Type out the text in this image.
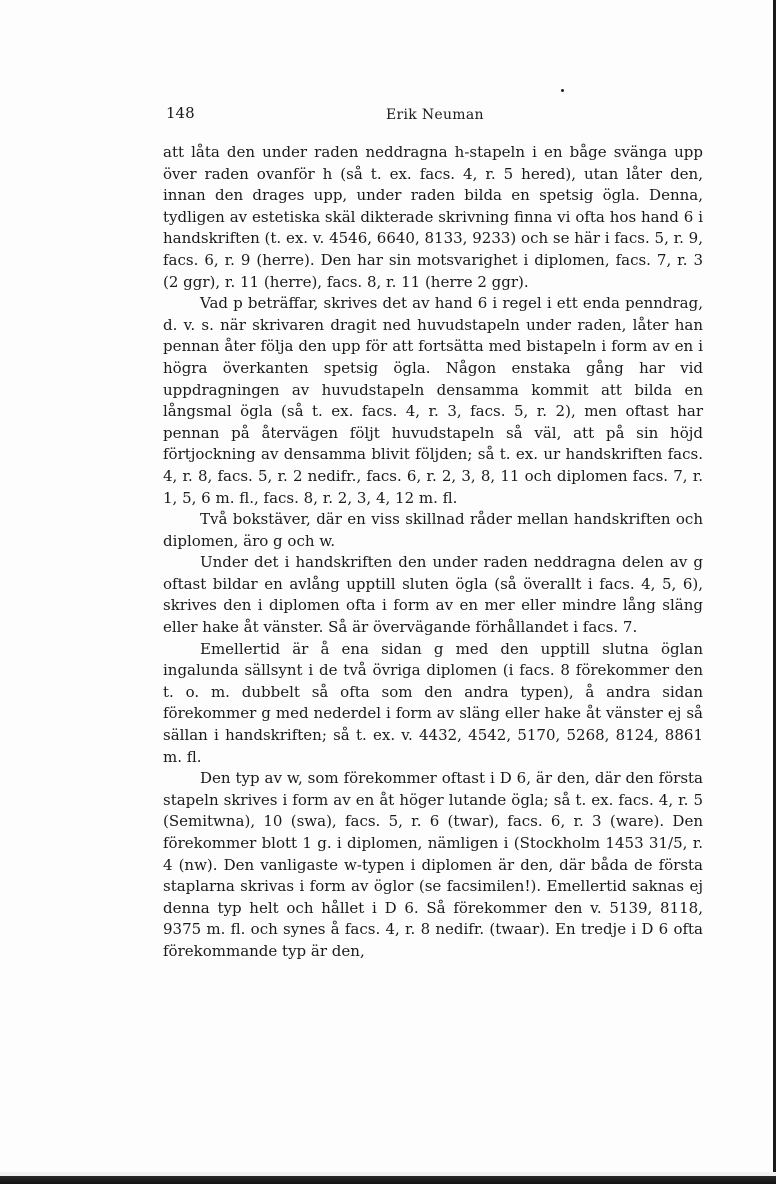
148	Erik Neuman

att låta den under raden neddragna h-stapeln i en båge svänga upp över raden ovanför h (så t. ex. facs. 4, r. 5 hered), utan låter den, innan den drages upp, under raden bilda en spetsig ögla. Denna, tydligen av estetiska skäl dikterade skrivning finna vi ofta hos hand 6 i handskriften (t. ex. v. 4546, 6640, 8133, 9233) och se här i facs. 5, r. 9, facs. 6, r. 9 (herre). Den har sin motsvarighet i diplomen, facs. 7, r. 3 (2 ggr), r. 11 (herre), facs. 8, r. 11 (herre 2 ggr).

Vad p beträffar, skrives det av hand 6 i regel i ett enda penndrag, d. v. s. när skrivaren dragit ned huvudstapeln under raden, låter han pennan åter följa den upp för att fortsätta med bistapeln i form av en i högra överkanten spetsig ögla. Någon enstaka gång har vid uppdragningen av huvudstapeln densamma kommit att bilda en långsmal ögla (så t. ex. facs. 4, r. 3, facs. 5, r. 2), men oftast har pennan på återvägen följt huvudstapeln så väl, att på sin höjd förtjockning av densamma blivit följden; så t. ex. ur handskriften facs. 4, r. 8, facs. 5, r. 2 nedifr., facs. 6, r. 2, 3, 8, 11 och diplomen facs. 7, r. 1, 5, 6 m. fl., facs. 8, r. 2, 3, 4, 12 m. fl.

Två bokstäver, där en viss skillnad råder mellan handskriften och diplomen, äro g och w.

Under det i handskriften den under raden neddragna delen av g oftast bildar en avlång upptill sluten ögla (så överallt i facs. 4, 5, 6), skrives den i diplomen ofta i form av en mer eller mindre lång släng eller hake åt vänster. Så är övervägande förhållandet i facs. 7.

Emellertid är å ena sidan g med den upptill slutna öglan ingalunda sällsynt i de två övriga diplomen (i facs. 8 förekommer den t. o. m. dubbelt så ofta som den andra typen), å andra sidan förekommer g med nederdel i form av släng eller hake åt vänster ej så sällan i handskriften; så t. ex. v. 4432, 4542, 5170, 5268, 8124, 8861 m. fl.

Den typ av w, som förekommer oftast i D 6, är den, där den första stapeln skrives i form av en åt höger lutande ögla; så t. ex. facs. 4, r. 5 (Semitwna), 10 (swa), facs. 5, r. 6 (twar), facs. 6, r. 3 (ware). Den förekommer blott 1 g. i diplomen, nämligen i (Stockholm 1453 31/5, r. 4 (nw). Den vanligaste w-typen i diplomen är den, där båda de första staplarna skrivas i form av öglor (se facsimilen!). Emellertid saknas ej denna typ helt och hållet i D 6. Så förekommer den v. 5139, 8118, 9375 m. fl. och synes å facs. 4, r. 8 nedifr. (twaar). En tredje i D 6 ofta förekommande typ är den,
